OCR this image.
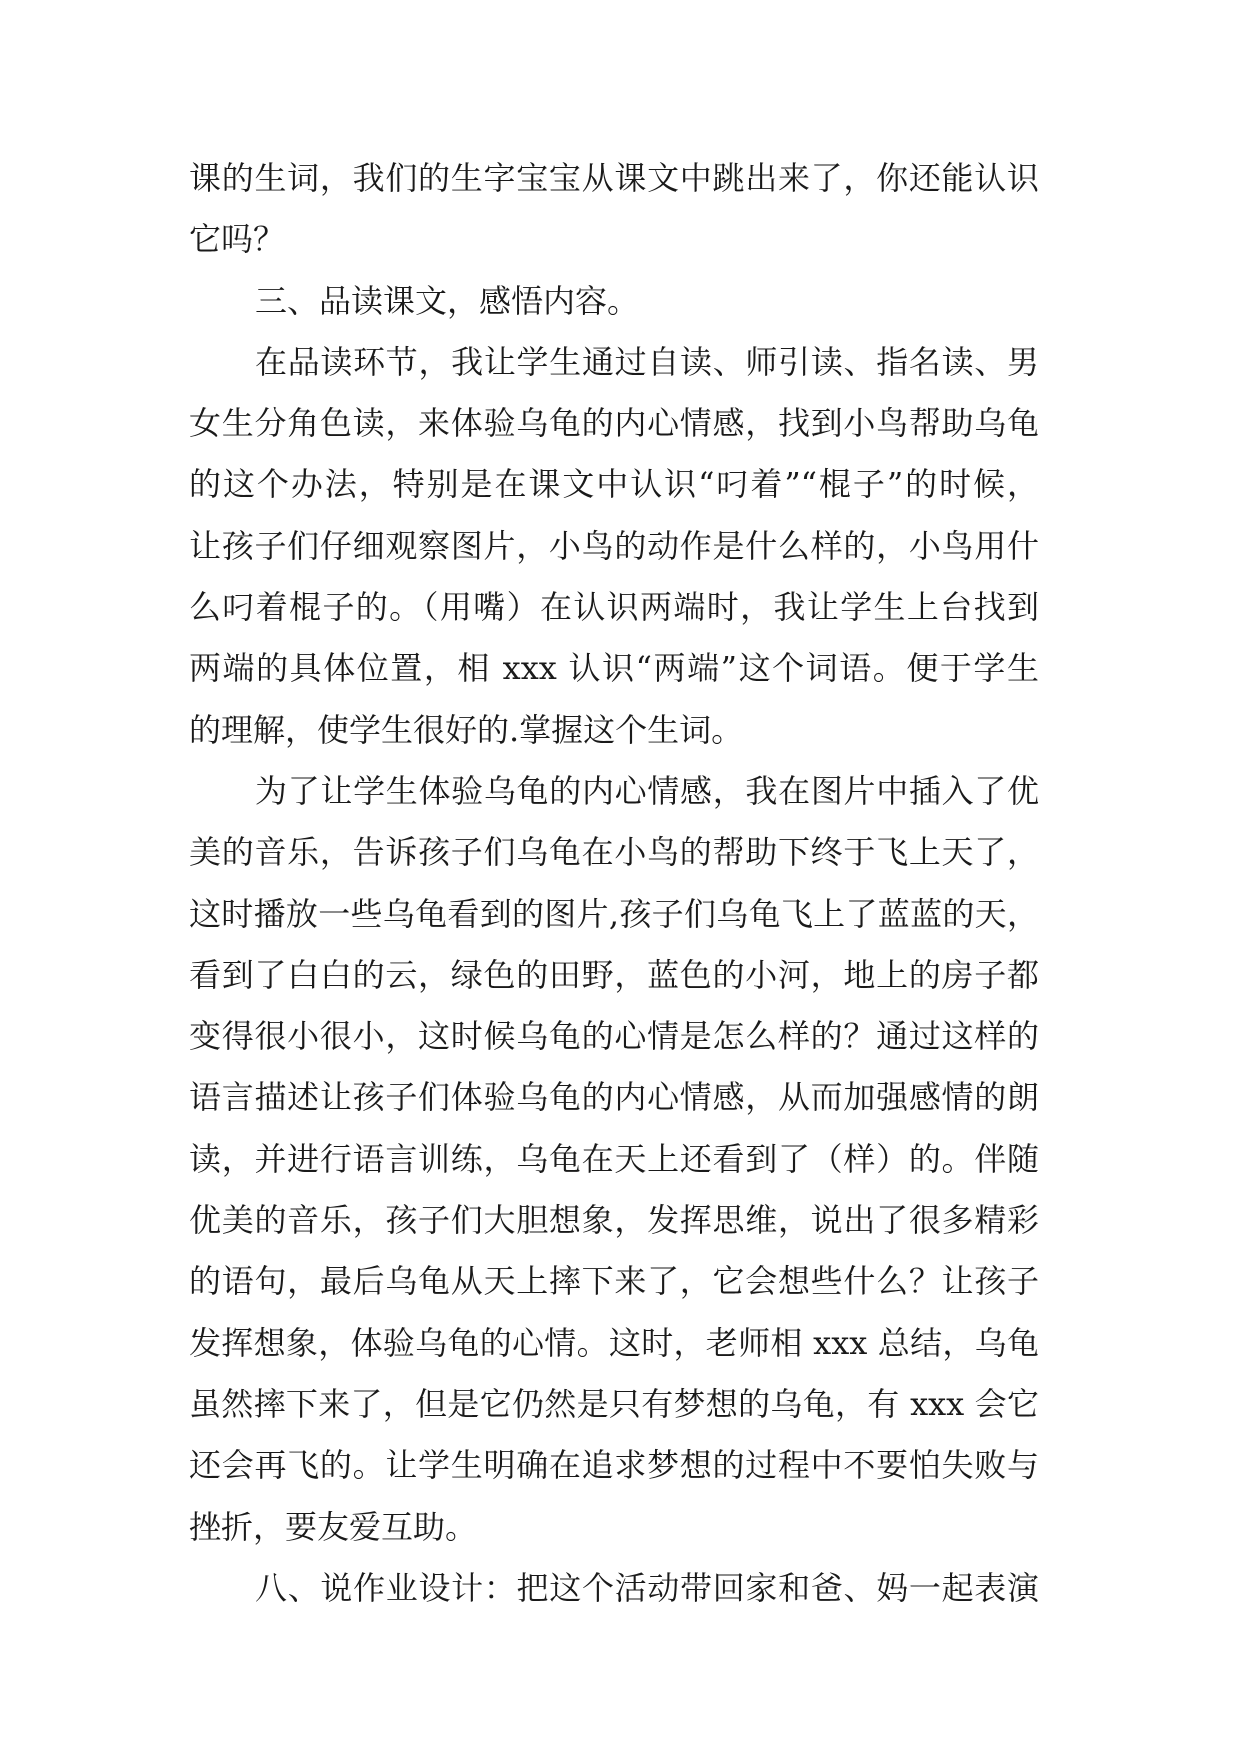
课的生词，我们的生字宝宝从课文中跳出来了，你还能认识
它吗？
三、品读课文，感悟内容。
在品读环节，我让学生通过自读、师引读、指名读、男
女生分角色读，来体验乌龟的内心情感，找到小鸟帮助乌龟
的这个办法，特别是在课文中认识“叼着”“棍子”的时候，
让孩子们仔细观察图片，小鸟的动作是什么样的，小鸟用什
么叼着棍子的。（用嘴）在认识两端时，我让学生上台找到
两端的具体位置，相 xxx 认识“两端”这个词语。便于学生
的理解，使学生很好的.掌握这个生词。
为了让学生体验乌龟的内心情感，我在图片中插入了优
美的音乐，告诉孩子们乌龟在小鸟的帮助下终于飞上天了，
这时播放一些乌龟看到的图片,孩子们乌龟飞上了蓝蓝的天，
看到了白白的云，绿色的田野，蓝色的小河，地上的房子都
变得很小很小，这时候乌龟的心情是怎么样的？通过这样的
语言描述让孩子们体验乌龟的内心情感，从而加强感情的朗
读，并进行语言训练，乌龟在天上还看到了（样）的。伴随
优美的音乐，孩子们大胆想象，发挥思维，说出了很多精彩
的语句，最后乌龟从天上摔下来了，它会想些什么？让孩子
发挥想象，体验乌龟的心情。这时，老师相 xxx 总结，乌龟
虽然摔下来了，但是它仍然是只有梦想的乌龟，有 xxx 会它
还会再飞的。让学生明确在追求梦想的过程中不要怕失败与
挫折，要友爱互助。
八、说作业设计：把这个活动带回家和爸、妈一起表演
